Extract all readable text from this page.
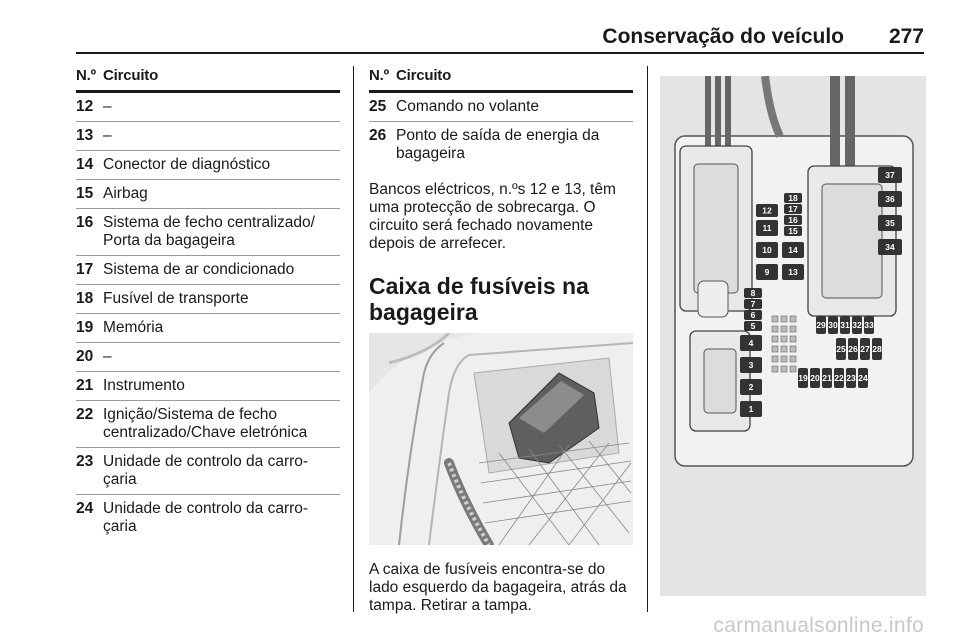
Conservação do veículo 277
N.º Circuito
12 –
13 –
14 Conector de diagnóstico
15 Airbag
16 Sistema de fecho centralizado/ Porta da bagageira
17 Sistema de ar condicionado
18 Fusível de transporte
19 Memória
20 –
21 Instrumento
22 Ignição/Sistema de fecho centralizado/Chave eletrónica
23 Unidade de controlo da carro- çaria
24 Unidade de controlo da carro- çaria
N.º Circuito
25 Comando no volante
26 Ponto de saída de energia da bagageira
Bancos eléctricos, n.ºs 12 e 13, têm uma protecção de sobrecarga. O circuito será fechado novamente depois de arrefecer.
Caixa de fusíveis na bagageira
A caixa de fusíveis encontra-se do lado esquerdo da bagageira, atrás da tampa. Retirar a tampa.
1
2
3
4
5
6
7
8
9
10
11
12
13
14
15
16
17
18
34
35
36
37
19 20 21 22 23 24
25 26 27 28
29 30 31 32 33
carmanualsonline.info
